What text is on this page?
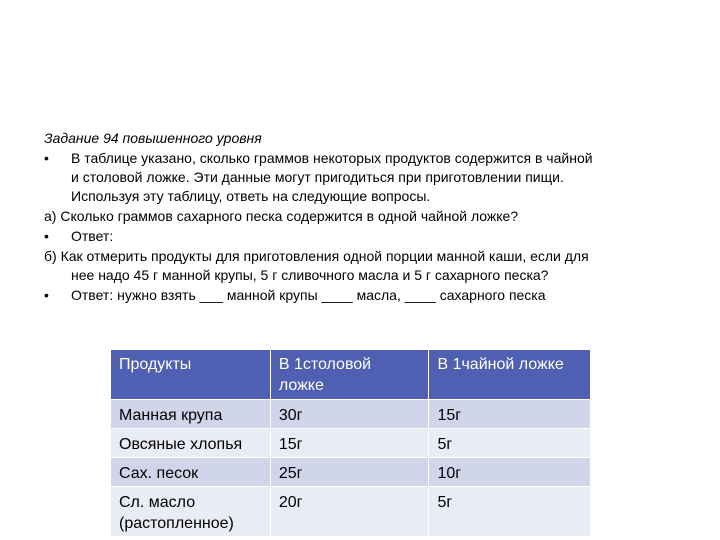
Задание 94 повышенного уровня
•	В таблице указано, сколько граммов некоторых продуктов содержится в чайной
и столовой ложке. Эти данные могут пригодиться при приготовлении пищи.
Используя эту таблицу, ответь на следующие вопросы.
а) Сколько граммов сахарного песка содержится в одной чайной ложке?
•	Ответ:
б) Как отмерить продукты для приготовления одной порции манной каши, если для
нее надо 45 г манной крупы, 5 г сливочного масла и 5 г сахарного песка?
•	Ответ: нужно взять ___ манной крупы ____ масла, ____ сахарного песка
Продукты	В 1столовой ложке	В 1чайной ложке
Манная крупа	30г	15г
Овсяные хлопья	15г	5г
Сах. песок	25г	10г
Сл. масло (растопленное)	20г	5г
